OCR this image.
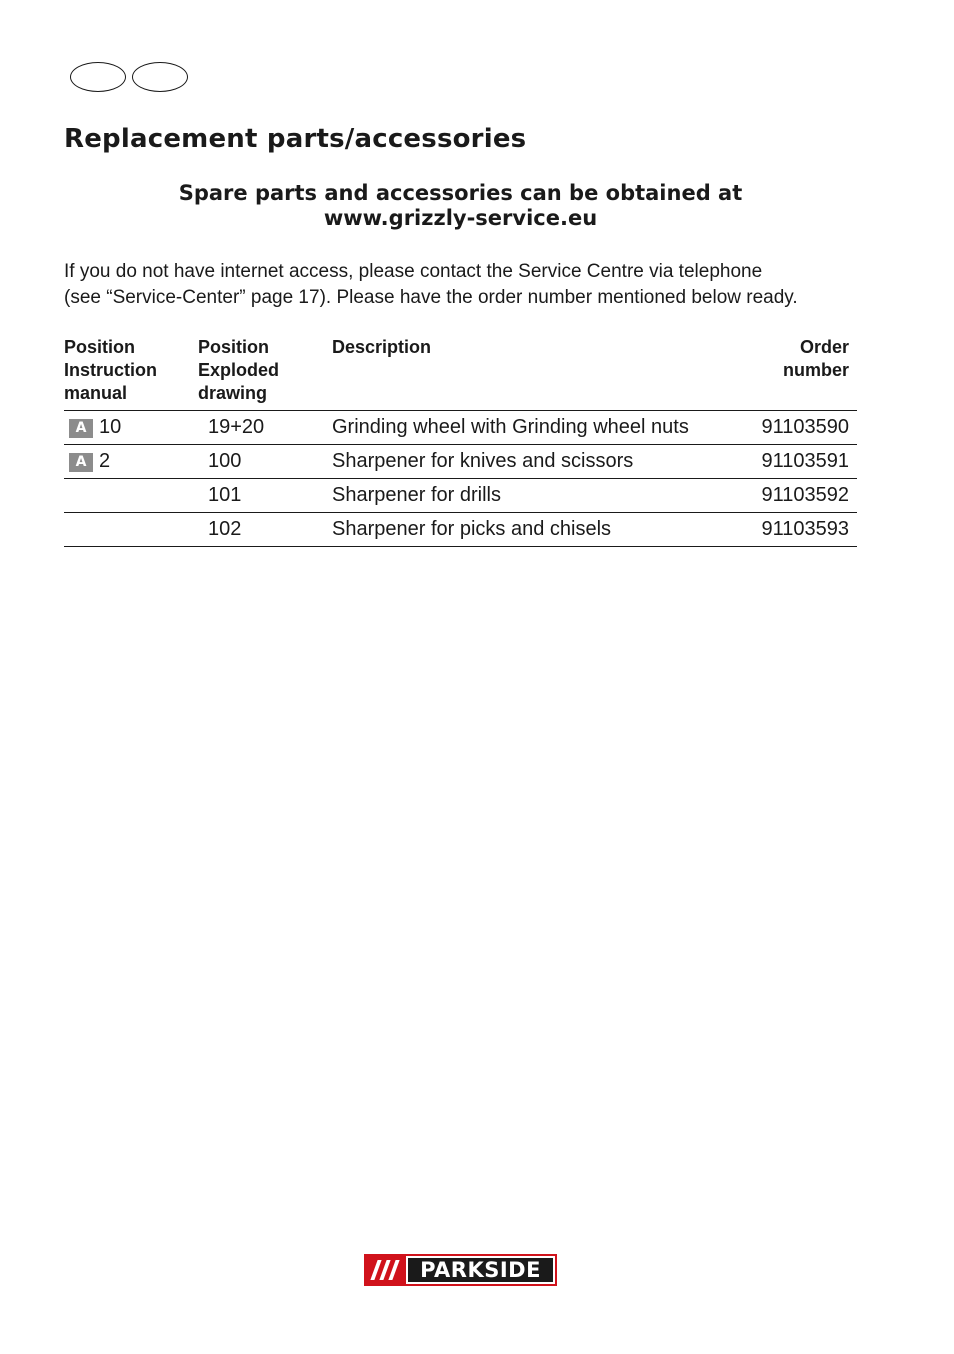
Replacement parts/accessories
Spare parts and accessories can be obtained at
www.grizzly-service.eu
If you do not have internet access, please contact the Service Centre via telephone
(see “Service-Center” page 17). Please have the order number mentioned below ready.
Position
Instruction
manual	Position
Exploded
drawing	Description	Order
number
A 10	19+20	Grinding wheel with Grinding wheel nuts	91103590
A 2	100	Sharpener for knives and scissors	91103591
	101	Sharpener for drills	91103592
	102	Sharpener for picks and chisels	91103593
PARKSIDE
